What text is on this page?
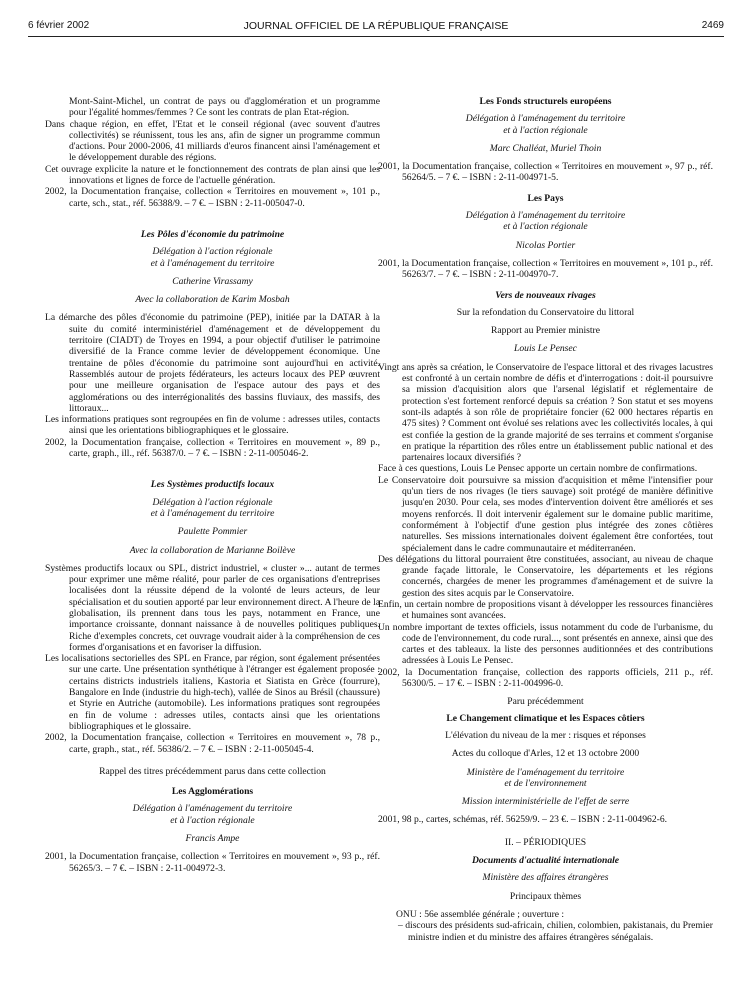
6 février 2002	JOURNAL OFFICIEL DE LA RÉPUBLIQUE FRANÇAISE	2469

Mont-Saint-Michel, un contrat de pays ou d'agglomération et un programme pour l'égalité hommes/femmes ? Ce sont les contrats de plan Etat-région.

Dans chaque région, en effet, l'Etat et le conseil régional (avec souvent d'autres collectivités) se réunissent, tous les ans, afin de signer un programme commun d'actions. Pour 2000-2006, 41 milliards d'euros financent ainsi l'aménagement et le développement durable des régions.

Cet ouvrage explicite la nature et le fonctionnement des contrats de plan ainsi que les innovations et lignes de force de l'actuelle génération.

2002, la Documentation française, collection « Territoires en mouvement », 101 p., carte, sch., stat., réf. 56388/9. – 7 €. – ISBN : 2-11-005047-0.

Les Pôles d'économie du patrimoine

Délégation à l'action régionale

et à l'aménagement du territoire

Catherine Virassamy

Avec la collaboration de Karim Mosbah

La démarche des pôles d'économie du patrimoine (PEP), initiée par la DATAR à la suite du comité interministériel d'aménagement et de développement du territoire (CIADT) de Troyes en 1994, a pour objectif d'utiliser le patrimoine diversifié de la France comme levier de développement économique. Une trentaine de pôles d'économie du patrimoine sont aujourd'hui en activité. Rassemblés autour de projets fédérateurs, les acteurs locaux des PEP œuvrent pour une meilleure organisation de l'espace autour des pays et des agglomérations ou des interrégionalités des bassins fluviaux, des massifs, des littoraux...

Les informations pratiques sont regroupées en fin de volume : adresses utiles, contacts ainsi que les orientations bibliographiques et le glossaire.

2002, la Documentation française, collection « Territoires en mouvement », 89 p., carte, graph., ill., réf. 56387/0. – 7 €. – ISBN : 2-11-005046-2.

Les Systèmes productifs locaux

Délégation à l'action régionale

et à l'aménagement du territoire

Paulette Pommier

Avec la collaboration de Marianne Boilève

Systèmes productifs locaux ou SPL, district industriel, « cluster »... autant de termes pour exprimer une même réalité, pour parler de ces organisations d'entreprises localisées dont la réussite dépend de la volonté de leurs acteurs, de leur spécialisation et du soutien apporté par leur environnement direct. A l'heure de la globalisation, ils prennent dans tous les pays, notamment en France, une importance croissante, donnant naissance à de nouvelles politiques publiques. Riche d'exemples concrets, cet ouvrage voudrait aider à la compréhension de ces formes d'organisations et en favoriser la diffusion.

Les localisations sectorielles des SPL en France, par région, sont également présentées sur une carte. Une présentation synthétique à l'étranger est également proposée : certains districts industriels italiens, Kastoria et Siatista en Grèce (fourrure), Bangalore en Inde (industrie du high-tech), vallée de Sinos au Brésil (chaussure) et Styrie en Autriche (automobile). Les informations pratiques sont regroupées en fin de volume : adresses utiles, contacts ainsi que les orientations bibliographiques et le glossaire.

2002, la Documentation française, collection « Territoires en mouvement », 78 p., carte, graph., stat., réf. 56386/2. – 7 €. – ISBN : 2-11-005045-4.

Rappel des titres précédemment parus dans cette collection

Les Agglomérations

Délégation à l'aménagement du territoire

et à l'action régionale

Francis Ampe

2001, la Documentation française, collection « Territoires en mouvement », 93 p., réf. 56265/3. – 7 €. – ISBN : 2-11-004972-3.

Les Fonds structurels européens

Délégation à l'aménagement du territoire

et à l'action régionale

Marc Challéat, Muriel Thoin

2001, la Documentation française, collection « Territoires en mouvement », 97 p., réf. 56264/5. – 7 €. – ISBN : 2-11-004971-5.

Les Pays

Délégation à l'aménagement du territoire

et à l'action régionale

Nicolas Portier

2001, la Documentation française, collection « Territoires en mouvement », 101 p., réf. 56263/7. – 7 €. – ISBN : 2-11-004970-7.

Vers de nouveaux rivages

Sur la refondation du Conservatoire du littoral

Rapport au Premier ministre

Louis Le Pensec

Vingt ans après sa création, le Conservatoire de l'espace littoral et des rivages lacustres est confronté à un certain nombre de défis et d'interrogations : doit-il poursuivre sa mission d'acquisition alors que l'arsenal législatif et réglementaire de protection s'est fortement renforcé depuis sa création ? Son statut et ses moyens sont-ils adaptés à son rôle de propriétaire foncier (62 000 hectares répartis en 475 sites) ? Comment ont évolué ses relations avec les collectivités locales, à qui est confiée la gestion de la grande majorité de ses terrains et comment s'organise en pratique la répartition des rôles entre un établissement public national et des partenaires locaux diversifiés ?

Face à ces questions, Louis Le Pensec apporte un certain nombre de confirmations.

Le Conservatoire doit poursuivre sa mission d'acquisition et même l'intensifier pour qu'un tiers de nos rivages (le tiers sauvage) soit protégé de manière définitive jusqu'en 2030. Pour cela, ses modes d'intervention doivent être améliorés et ses moyens renforcés. Il doit intervenir également sur le domaine public maritime, conformément à l'objectif d'une gestion plus intégrée des zones côtières naturelles. Ses missions internationales doivent également être confortées, tout spécialement dans le cadre communautaire et méditerranéen.

Des délégations du littoral pourraient être constituées, associant, au niveau de chaque grande façade littorale, le Conservatoire, les départements et les régions concernés, chargées de mener les programmes d'aménagement et de suivre la gestion des sites acquis par le Conservatoire.

Enfin, un certain nombre de propositions visant à développer les ressources financières et humaines sont avancées.

Un nombre important de textes officiels, issus notamment du code de l'urbanisme, du code de l'environnement, du code rural..., sont présentés en annexe, ainsi que des cartes et des tableaux. la liste des personnes auditionnées et des contributions adressées à Louis Le Pensec.

2002, la Documentation française, collection des rapports officiels, 211 p., réf. 56300/5. – 17 €. – ISBN : 2-11-004996-0.

Paru précédemment

Le Changement climatique et les Espaces côtiers

L'élévation du niveau de la mer : risques et réponses

Actes du colloque d'Arles, 12 et 13 octobre 2000

Ministère de l'aménagement du territoire

et de l'environnement

Mission interministérielle de l'effet de serre

2001, 98 p., cartes, schémas, réf. 56259/9. – 23 €. – ISBN : 2-11-004962-6.

II. – PÉRIODIQUES

Documents d'actualité internationale

Ministère des affaires étrangères

Principaux thèmes

ONU : 56e assemblée générale ; ouverture :

– discours des présidents sud-africain, chilien, colombien, pakistanais, du Premier ministre indien et du ministre des affaires étrangères sénégalais.
